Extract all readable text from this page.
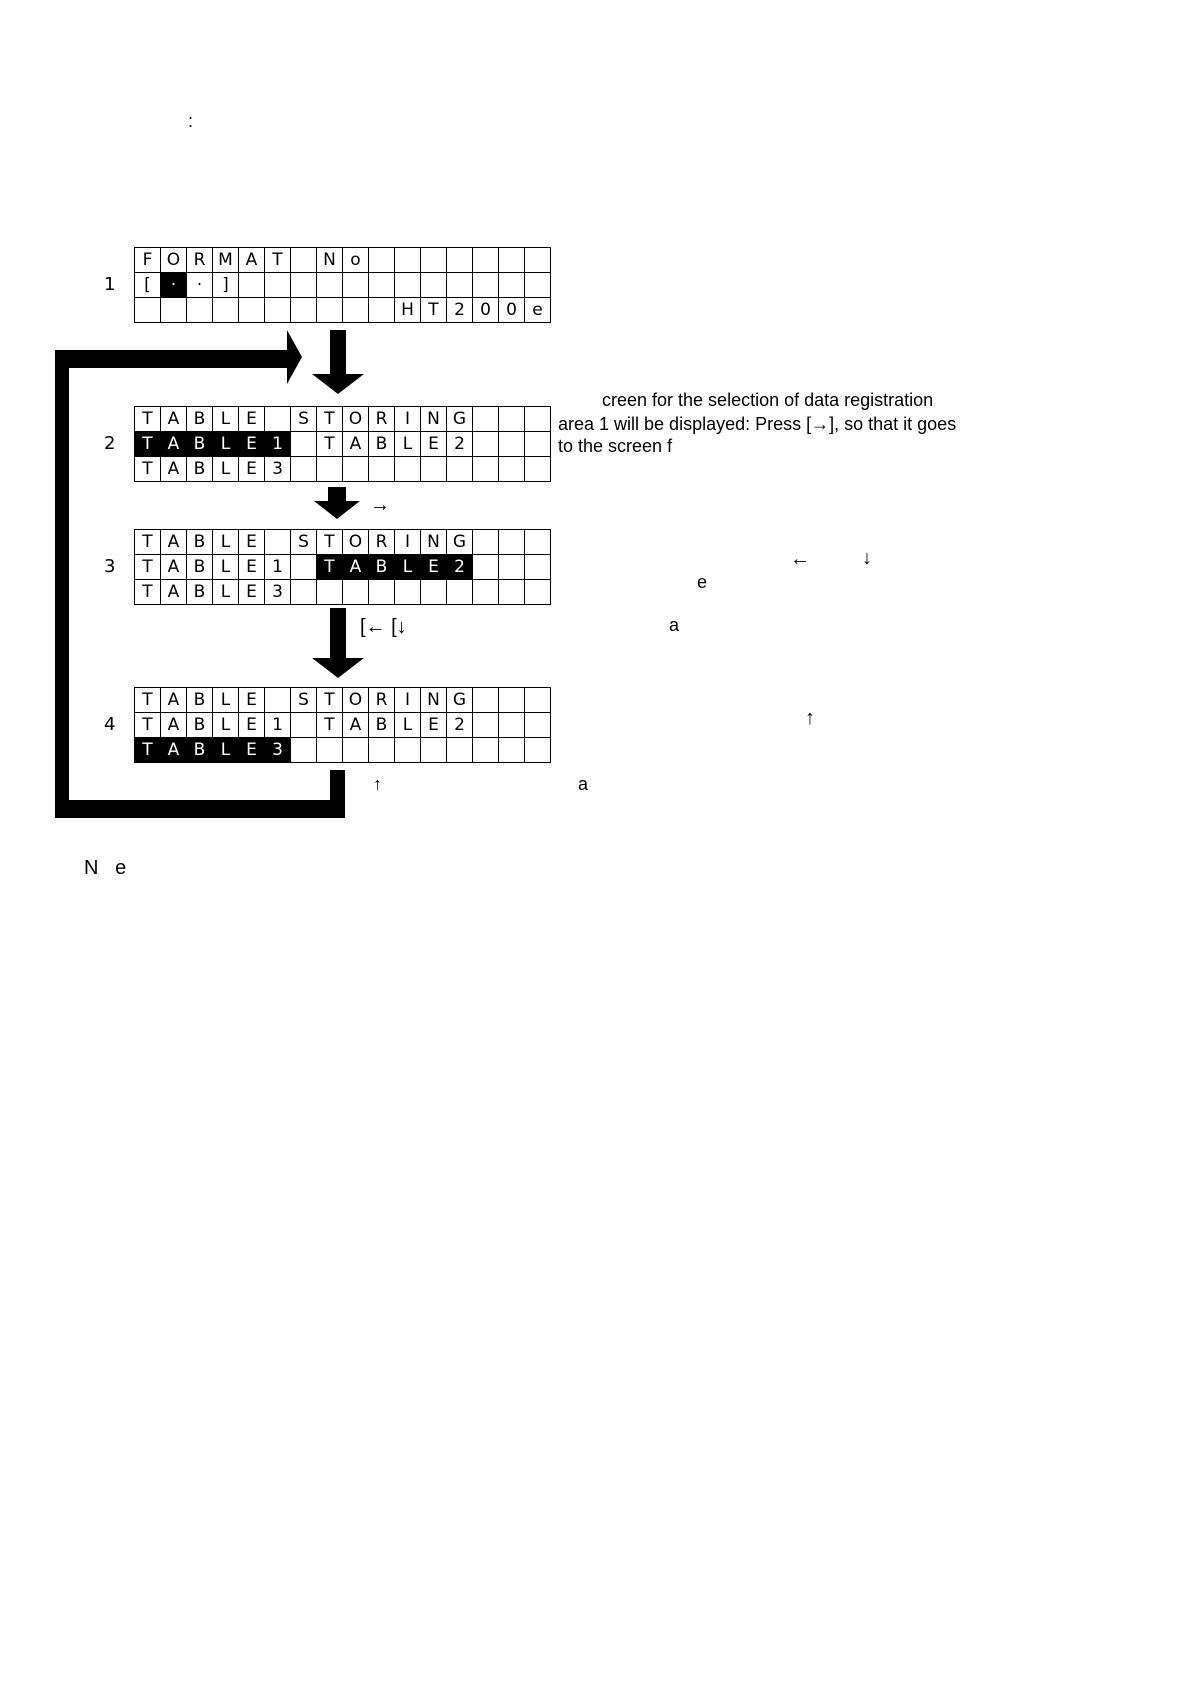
:
1
2
3
4
F	O	R	M	A	T		N	o							
[	·	·	]												
										H	T	2	0	0	e
T	A	B	L	E		S	T	O	R	I	N	G			
T	A	B	L	E	1		T	A	B	L	E	2			
T	A	B	L	E	3										
T	A	B	L	E		S	T	O	R	I	N	G			
T	A	B	L	E	1		T	A	B	L	E	2			
T	A	B	L	E	3										
T	A	B	L	E		S	T	O	R	I	N	G			
T	A	B	L	E	1		T	A	B	L	E	2			
T	A	B	L	E	3										
→
[← [↓
↑
creen for the selection of data registration
area 1 will be displayed: Press [→], so that it goes
to the screen f
←	↓
e
a
↑
a
N   e
